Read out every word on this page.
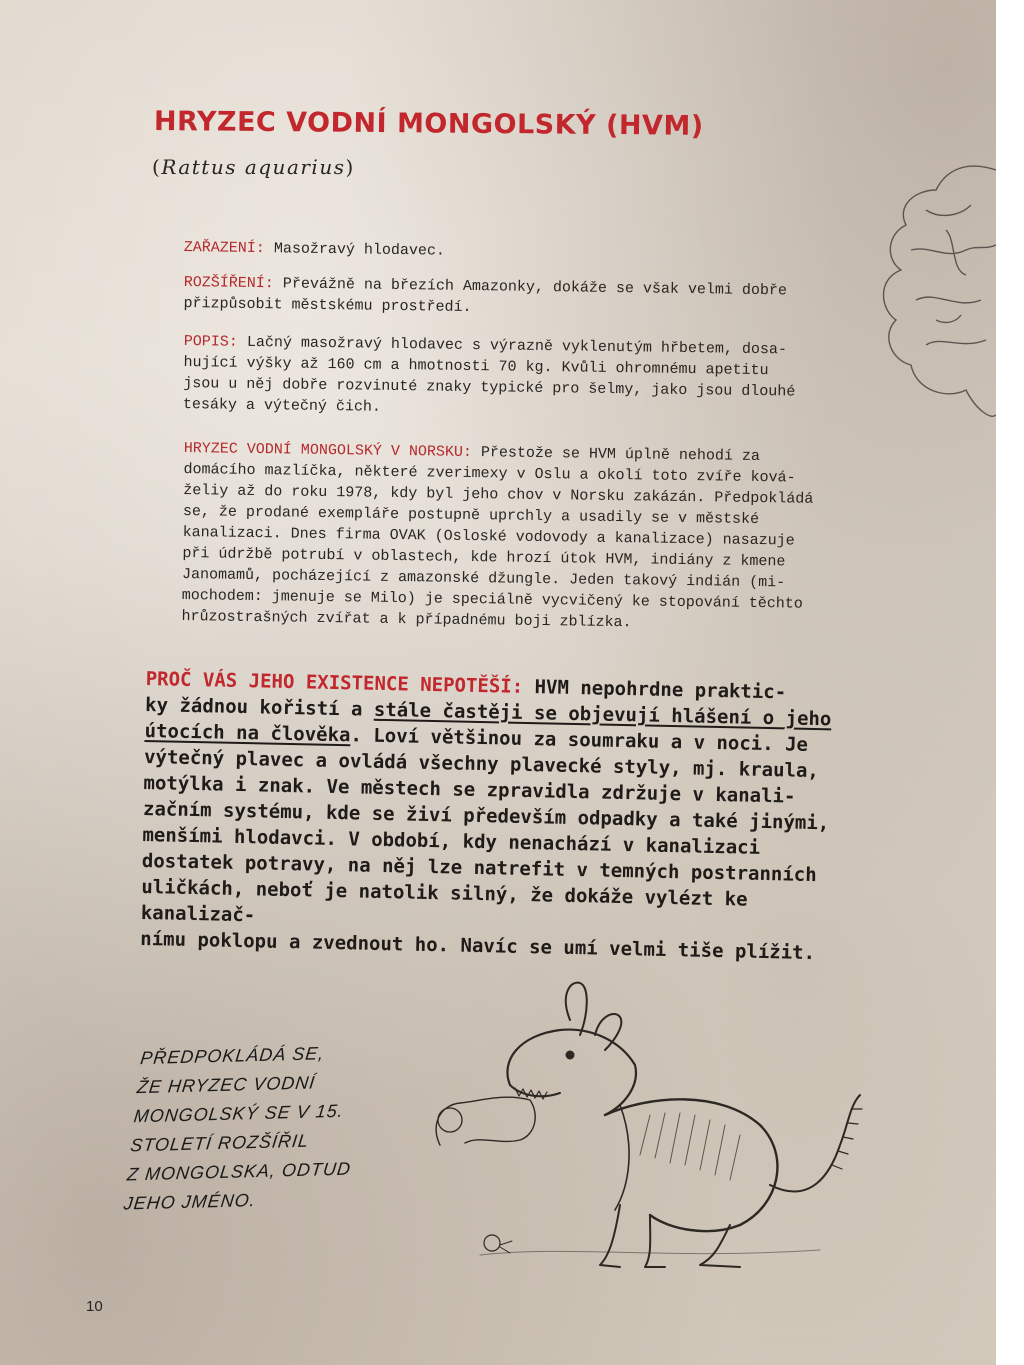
HRYZEC VODNÍ MONGOLSKÝ (HVM)
(Rattus aquarius)

ZAŘAZENÍ: Masožravý hlodavec.

ROZŠÍŘENÍ: Převážně na březích Amazonky, dokáže se však velmi dobře
přizpůsobit městskému prostředí.

POPIS: Lačný masožravý hlodavec s výrazně vyklenutým hřbetem, dosa-
hující výšky až 160 cm a hmotnosti 70 kg. Kvůli ohromnému apetitu
jsou u něj dobře rozvinuté znaky typické pro šelmy, jako jsou dlouhé
tesáky a výtečný čich.

HRYZEC VODNÍ MONGOLSKÝ V NORSKU: Přestože se HVM úplně nehodí za
domácího mazlíčka, některé zverimexy v Oslu a okolí toto zvíře ková-
želiy až do roku 1978, kdy byl jeho chov v Norsku zakázán. Předpokládá
se, že prodané exempláře postupně uprchly a usadily se v městské
kanalizaci. Dnes firma OVAK (Osloské vodovody a kanalizace) nasazuje
při údržbě potrubí v oblastech, kde hrozí útok HVM, indiány z kmene
Janomamů, pocházející z amazonské džungle. Jeden takový indián (mi-
mochodem: jmenuje se Milo) je speciálně vycvičený ke stopování těchto
hrůzostrašných zvířat a k případnému boji zblízka.

PROČ VÁS JEHO EXISTENCE NEPOTĚŠÍ: HVM nepohrdne praktic-
ky žádnou kořistí a stále častěji se objevují hlášení o jeho
útocích na člověka. Loví většinou za soumraku a v noci. Je
výtečný plavec a ovládá všechny plavecké styly, mj. kraula,
motýlka i znak. Ve městech se zpravidla zdržuje v kanali-
začním systému, kde se živí především odpadky a také jinými,
menšími hlodavci. V období, kdy nenachází v kanalizaci
dostatek potravy, na něj lze natrefit v temných postranních
uličkách, neboť je natolik silný, že dokáže vylézt ke kanalizač-
nímu poklopu a zvednout ho. Navíc se umí velmi tiše plížit.

PŘEDPOKLÁDÁ SE,
ŽE HRYZEC VODNÍ
MONGOLSKÝ SE V 15.
STOLETÍ ROZŠÍŘIL
Z MONGOLSKA, ODTUD
JEHO JMÉNO.

10
